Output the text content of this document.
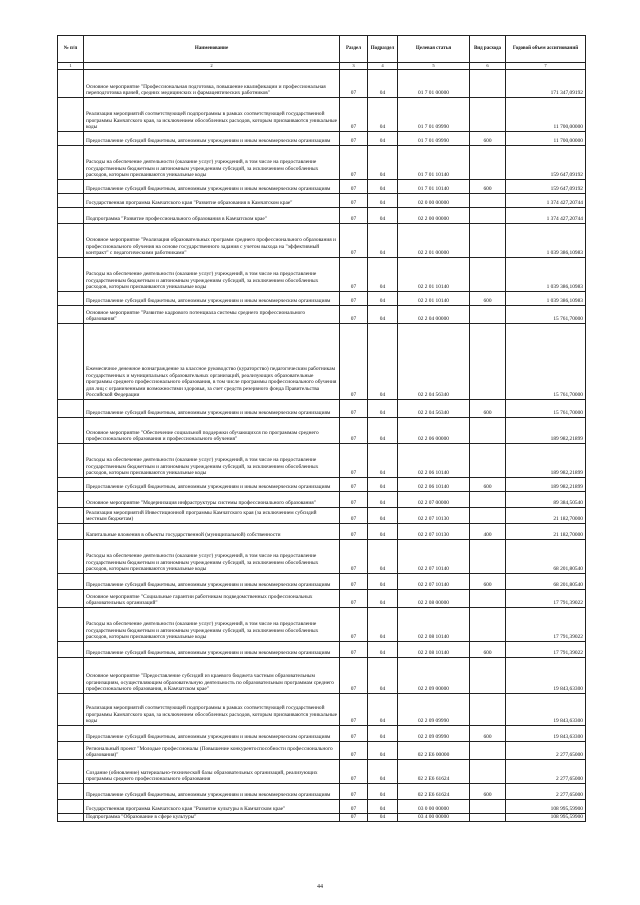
№ п/п	Наименование	Раздел	Подраздел	Целевая статья	Вид расхода	Годовой объем ассигнований
1	2	3	4	5	6	7
	Основное мероприятие "Профессиональная подготовка, повышение квалификации и профессиональная переподготовка врачей, средних медицинских и фармацевтических работников"	07	04	01 7 01 00000		171 347,09192
	Реализация мероприятий соответствующей подпрограммы в рамках соответствующей государственной программы Камчатского края, за исключением обособленных расходов, которым присваиваются уникальные коды	07	04	01 7 01 09990		11 700,00000
	Предоставление субсидий бюджетным, автономным учреждениям и иным некоммерческим организациям	07	04	01 7 01 09990	600	11 700,00000
	Расходы на обеспечение деятельности (оказание услуг) учреждений, в том числе на предоставление государственным бюджетным и автономным учреждениям субсидий, за исключением обособленных расходов, которым присваиваются уникальные коды	07	04	01 7 01 10140		159 647,09192
	Предоставление субсидий бюджетным, автономным учреждениям и иным некоммерческим организациям	07	04	01 7 01 10140	600	159 647,09192
	Государственная программа Камчатского края "Развитие образования в Камчатском крае"	07	04	02 0 00 00000		1 374 427,20744
	Подпрограмма "Развитие профессионального образования в Камчатском крае"	07	04	02 2 00 00000		1 374 427,20744
	Основное мероприятие "Реализация образовательных программ среднего профессионального образования и профессионального обучения на основе государственного задания с учетом выхода на "эффективный контракт" с педагогическими работниками"	07	04	02 2 01 00000		1 039 386,10983
	Расходы на обеспечение деятельности (оказание услуг) учреждений, в том числе на предоставление государственным бюджетным и автономным учреждениям субсидий, за исключением обособленных расходов, которым присваиваются уникальные коды	07	04	02 2 01 10140		1 039 386,10983
	Предоставление субсидий бюджетным, автономным учреждениям и иным некоммерческим организациям	07	04	02 2 01 10140	600	1 039 386,10983
	Основное мероприятие "Развитие кадрового потенциала системы среднего профессионального образования"	07	04	02 2 04 00000		15 761,70000
	Ежемесячное денежное вознаграждение за классное руководство (кураторство) педагогическим работникам государственных и муниципальных образовательных организаций, реализующих образовательные программы среднего профессионального образования, в том числе программы профессионального обучения для лиц с ограниченными возможностями здоровья, за счет средств резервного фонда Правительства Российской Федерации	07	04	02 2 04 56340		15 761,70000
	Предоставление субсидий бюджетным, автономным учреждениям и иным некоммерческим организациям	07	04	02 2 04 56340	600	15 761,70000
	Основное мероприятие "Обеспечение социальной поддержки обучающихся по программам среднего профессионального образования и профессионального обучения"	07	04	02 2 06 00000		189 982,21899
	Расходы на обеспечение деятельности (оказание услуг) учреждений, в том числе на предоставление государственным бюджетным и автономным учреждениям субсидий, за исключением обособленных расходов, которым присваиваются уникальные коды	07	04	02 2 06 10140		189 982,21899
	Предоставление субсидий бюджетным, автономным учреждениям и иным некоммерческим организациям	07	04	02 2 06 10140	600	189 982,21899
	Основное мероприятие "Модернизация инфраструктуры системы профессионального образования"	07	04	02 2 07 00000		89 384,50540
	Реализация мероприятий Инвестиционной программы Камчатского края (за исключением субсидий местным бюджетам)	07	04	02 2 07 10130		21 182,70000
	Капитальные вложения в объекты государственной (муниципальной) собственности	07	04	02 2 07 10130	400	21 182,70000
	Расходы на обеспечение деятельности (оказание услуг) учреждений, в том числе на предоставление государственным бюджетным и автономным учреждениям субсидий, за исключением обособленных расходов, которым присваиваются уникальные коды	07	04	02 2 07 10140		68 201,80540
	Предоставление субсидий бюджетным, автономным учреждениям и иным некоммерческим организациям	07	04	02 2 07 10140	600	68 201,80540
	Основное мероприятие "Социальные гарантии работникам подведомственных профессиональных образовательных организаций"	07	04	02 2 08 00000		17 791,39022
	Расходы на обеспечение деятельности (оказание услуг) учреждений, в том числе на предоставление государственным бюджетным и автономным учреждениям субсидий, за исключением обособленных расходов, которым присваиваются уникальные коды	07	04	02 2 08 10140		17 791,39022
	Предоставление субсидий бюджетным, автономным учреждениям и иным некоммерческим организациям	07	04	02 2 08 10140	600	17 791,39022
	Основное мероприятие "Предоставление субсидий из краевого бюджета частным образовательным организациям, осуществляющим образовательную деятельность по образовательным программам среднего профессионального образования, в Камчатском крае"	07	04	02 2 09 00000		19 843,63300
	Реализация мероприятий соответствующей подпрограммы в рамках соответствующей государственной программы Камчатского края, за исключением обособленных расходов, которым присваиваются уникальные коды	07	04	02 2 09 09990		19 843,63300
	Предоставление субсидий бюджетным, автономным учреждениям и иным некоммерческим организациям	07	04	02 2 09 09990	600	19 843,63300
	Региональный проект "Молодые профессионалы (Повышение конкурентоспособности профессионального образования)"	07	04	02 2 E6 00000		2 277,65000
	Создание (обновление) материально-технической базы образовательных организаций, реализующих программы среднего профессионального образования	07	04	02 2 E6 61624		2 277,65000
	Предоставление субсидий бюджетным, автономным учреждениям и иным некоммерческим организациям	07	04	02 2 E6 61624	600	2 277,65000
	Государственная программа Камчатского края "Развитие культуры в Камчатском крае"	07	04	03 0 00 00000		108 995,59900
	Подпрограмма "Образование в сфере культуры"	07	04	03 4 00 00000		108 995,59900
44
